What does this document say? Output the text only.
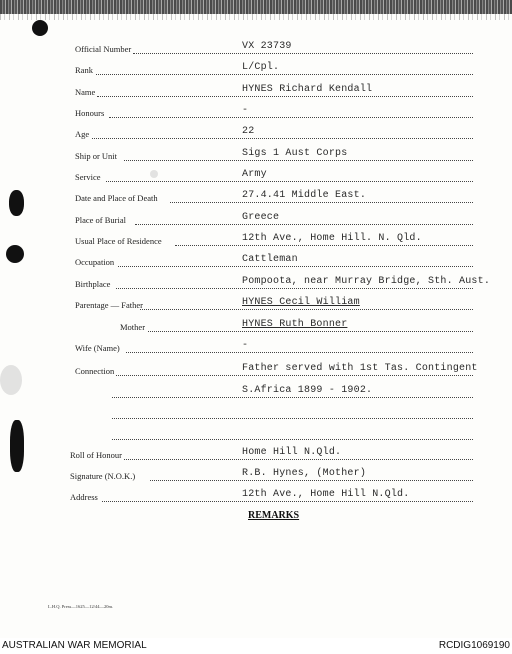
Official Number	VX 23739
Rank	L/Cpl.
Name	HYNES Richard Kendall
Honours	-
Age	22
Ship or Unit	Sigs 1 Aust Corps
Service	Army
Date and Place of Death	27.4.41 Middle East.
Place of Burial	Greece
Usual Place of Residence	12th Ave., Home Hill. N. Qld.
Occupation	Cattleman
Birthplace	Pompoota, near Murray Bridge, Sth. Aust.
Parentage — Father	HYNES Cecil William
Mother	HYNES Ruth Bonner
Wife (Name)	-
Connection	Father served with 1st Tas. Contingent
S.Africa 1899 - 1902.
Roll of Honour	Home Hill N.Qld.
Signature (N.O.K.)	R.B. Hynes, (Mother)
Address	12th Ave., Home Hill N.Qld.
REMARKS
L.H.Q. Press—1625—12/44—20m.
AUSTRALIAN WAR MEMORIAL	RCDIG1069190
